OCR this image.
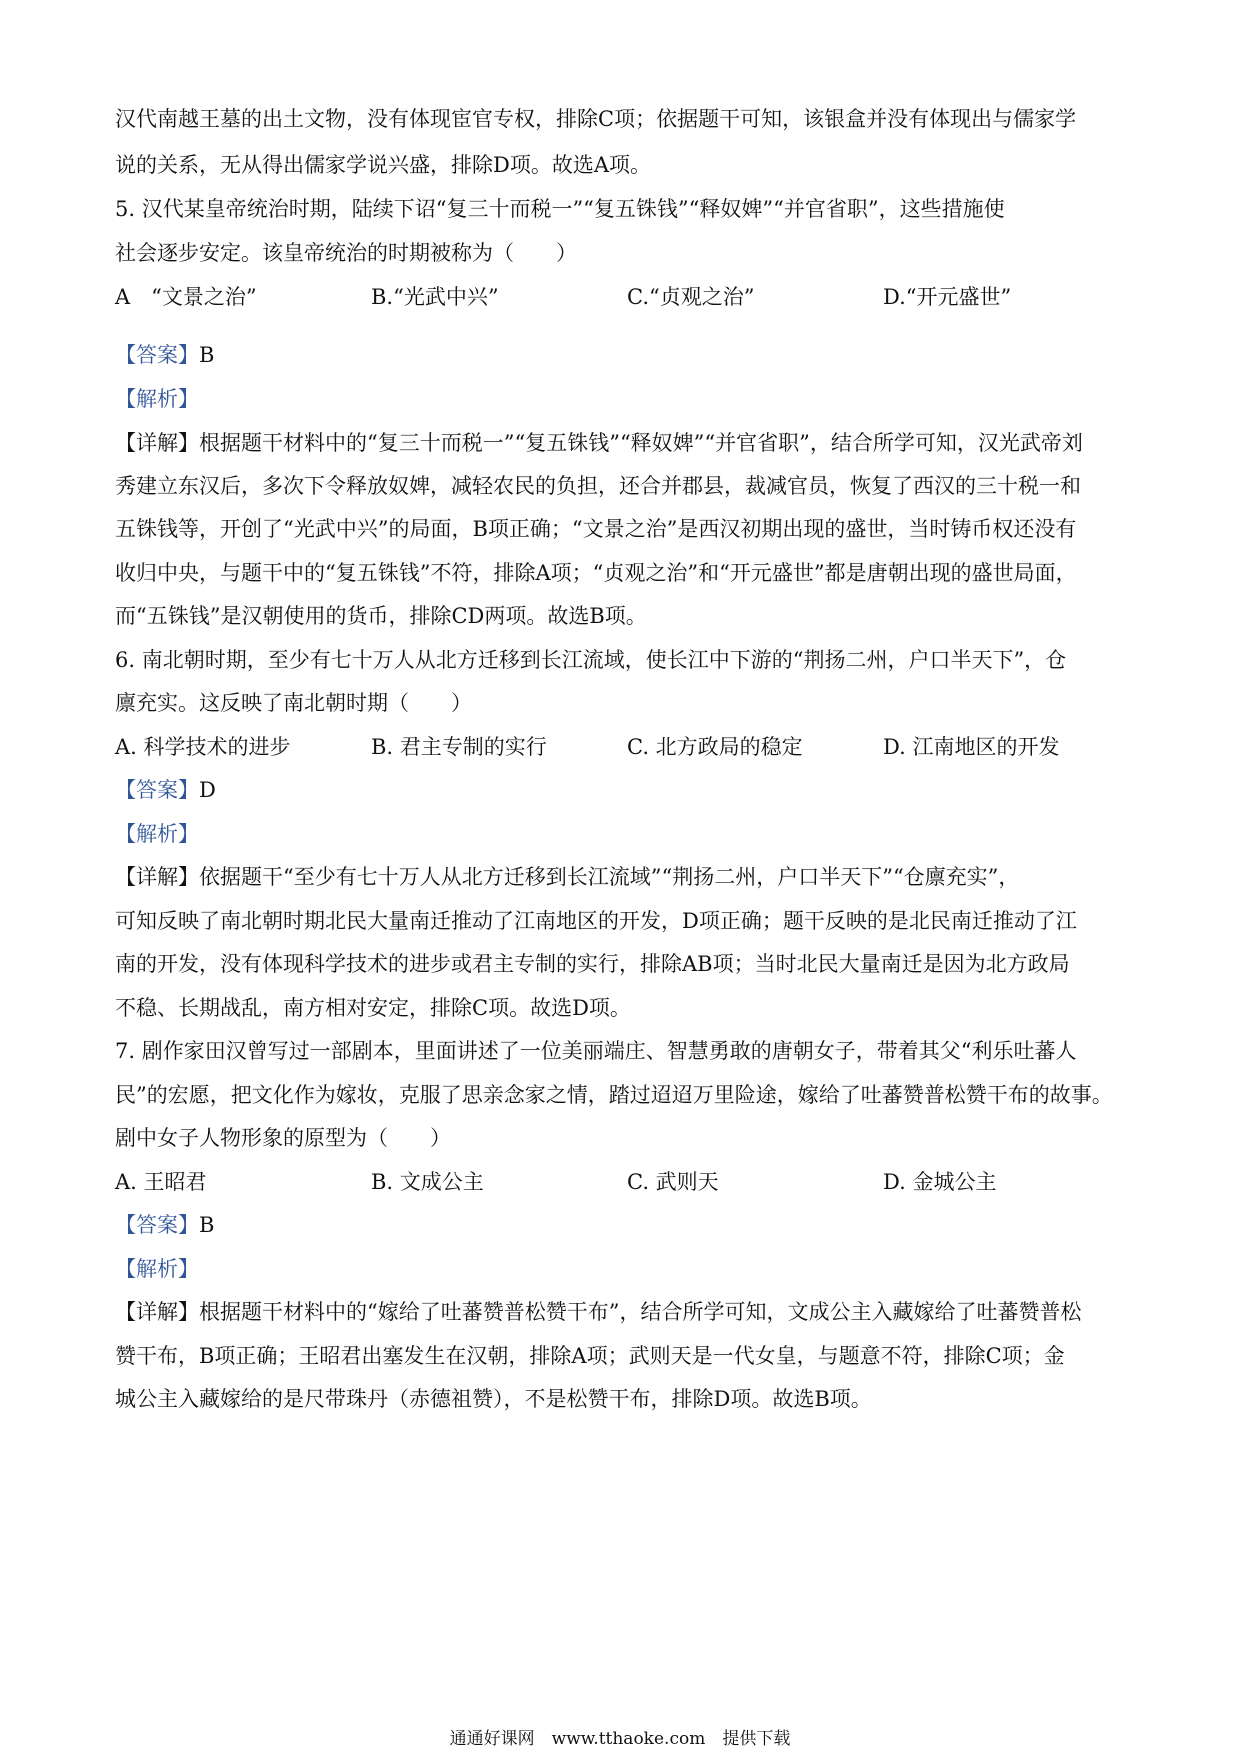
汉代南越王墓的出土文物，没有体现宦官专权，排除C项；依据题干可知，该银盒并没有体现出与儒家学
说的关系，无从得出儒家学说兴盛，排除D项。故选A项。
5. 汉代某皇帝统治时期，陆续下诏“复三十而税一”“复五铢钱”“释奴婢”“并官省职”，这些措施使
社会逐步安定。该皇帝统治的时期被称为（　　）
A　“文景之治”	B.“光武中兴”	C.“贞观之治”	D.“开元盛世”
【答案】B
【解析】
【详解】根据题干材料中的“复三十而税一”“复五铢钱”“释奴婢”“并官省职”，结合所学可知，汉光武帝刘
秀建立东汉后，多次下令释放奴婢，减轻农民的负担，还合并郡县，裁减官员，恢复了西汉的三十税一和
五铢钱等，开创了“光武中兴”的局面，B项正确；“文景之治”是西汉初期出现的盛世，当时铸币权还没有
收归中央，与题干中的“复五铢钱”不符，排除A项；“贞观之治”和“开元盛世”都是唐朝出现的盛世局面，
而“五铢钱”是汉朝使用的货币，排除CD两项。故选B项。
6. 南北朝时期，至少有七十万人从北方迁移到长江流域，使长江中下游的“荆扬二州，户口半天下”，仓
廪充实。这反映了南北朝时期（　　）
A. 科学技术的进步	B. 君主专制的实行	C. 北方政局的稳定	D. 江南地区的开发
【答案】D
【解析】
【详解】依据题干“至少有七十万人从北方迁移到长江流域”“荆扬二州，户口半天下”“仓廪充实”，
可知反映了南北朝时期北民大量南迁推动了江南地区的开发，D项正确；题干反映的是北民南迁推动了江
南的开发，没有体现科学技术的进步或君主专制的实行，排除AB项；当时北民大量南迁是因为北方政局
不稳、长期战乱，南方相对安定，排除C项。故选D项。
7. 剧作家田汉曾写过一部剧本，里面讲述了一位美丽端庄、智慧勇敢的唐朝女子，带着其父“利乐吐蕃人
民”的宏愿，把文化作为嫁妆，克服了思亲念家之情，踏过迢迢万里险途，嫁给了吐蕃赞普松赞干布的故事。
剧中女子人物形象的原型为（　　）
A. 王昭君	B. 文成公主	C. 武则天	D. 金城公主
【答案】B
【解析】
【详解】根据题干材料中的“嫁给了吐蕃赞普松赞干布”，结合所学可知，文成公主入藏嫁给了吐蕃赞普松
赞干布，B项正确；王昭君出塞发生在汉朝，排除A项；武则天是一代女皇，与题意不符，排除C项；金
城公主入藏嫁给的是尺带珠丹（赤德祖赞），不是松赞干布，排除D项。故选B项。
通通好课网　www.tthaoke.com　提供下载
